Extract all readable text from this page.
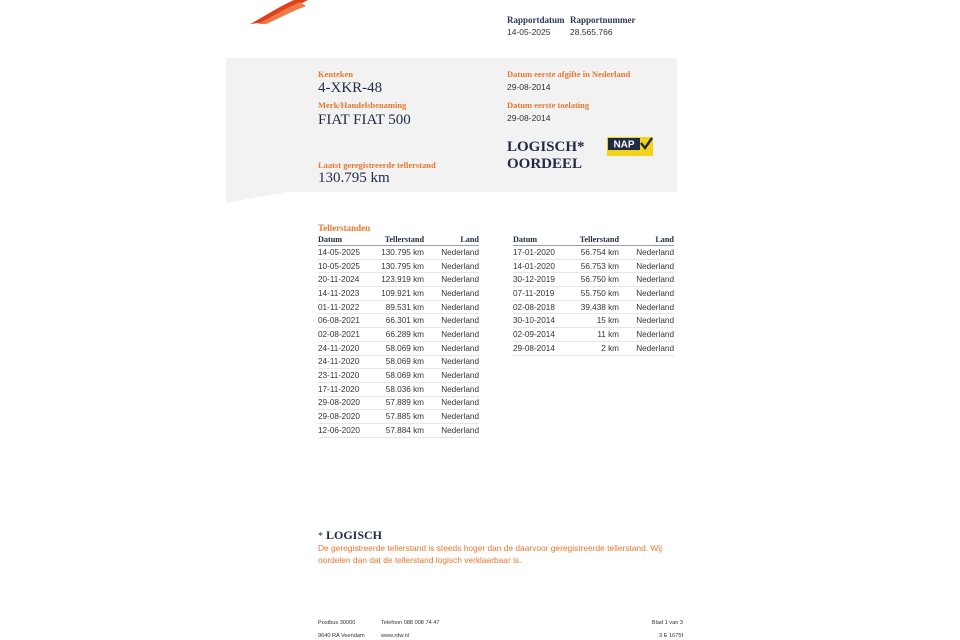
Rapportdatum
14-05-2025
Rapportnummer
28.565.766
Kenteken
4-XKR-48
Merk/Handelsbenaming
FIAT FIAT 500
Datum eerste afgifte in Nederland
29-08-2014
Datum eerste toelating
29-08-2014
LOGISCH*
OORDEEL
NAP
Laatst geregistreerde tellerstand
130.795 km
Tellerstanden
Datum	Tellerstand	Land
14-05-2025	130.795 km	Nederland
10-05-2025	130.795 km	Nederland
20-11-2024	123.919 km	Nederland
14-11-2023	109.921 km	Nederland
01-11-2022	89.531 km	Nederland
06-08-2021	66.301 km	Nederland
02-08-2021	66.289 km	Nederland
24-11-2020	58.069 km	Nederland
24-11-2020	58.069 km	Nederland
23-11-2020	58.069 km	Nederland
17-11-2020	58.036 km	Nederland
29-08-2020	57.889 km	Nederland
29-08-2020	57.885 km	Nederland
12-06-2020	57.884 km	Nederland
Datum	Tellerstand	Land
17-01-2020	56.754 km	Nederland
14-01-2020	56.753 km	Nederland
30-12-2019	56.750 km	Nederland
07-11-2019	55.750 km	Nederland
02-08-2018	39.438 km	Nederland
30-10-2014	15 km	Nederland
02-09-2014	11 km	Nederland
29-08-2014	2 km	Nederland
* LOGISCH
De geregistreerde tellerstand is steeds hoger dan de daarvoor geregistreerde tellerstand. Wij oordelen dan dat de tellerstand logisch verklaarbaar is.
Postbus 30000
9640 RA Veendam
Telefoon 088 008 74 47
www.rdw.nl
Blad 1 van 3
3 E 1675f
